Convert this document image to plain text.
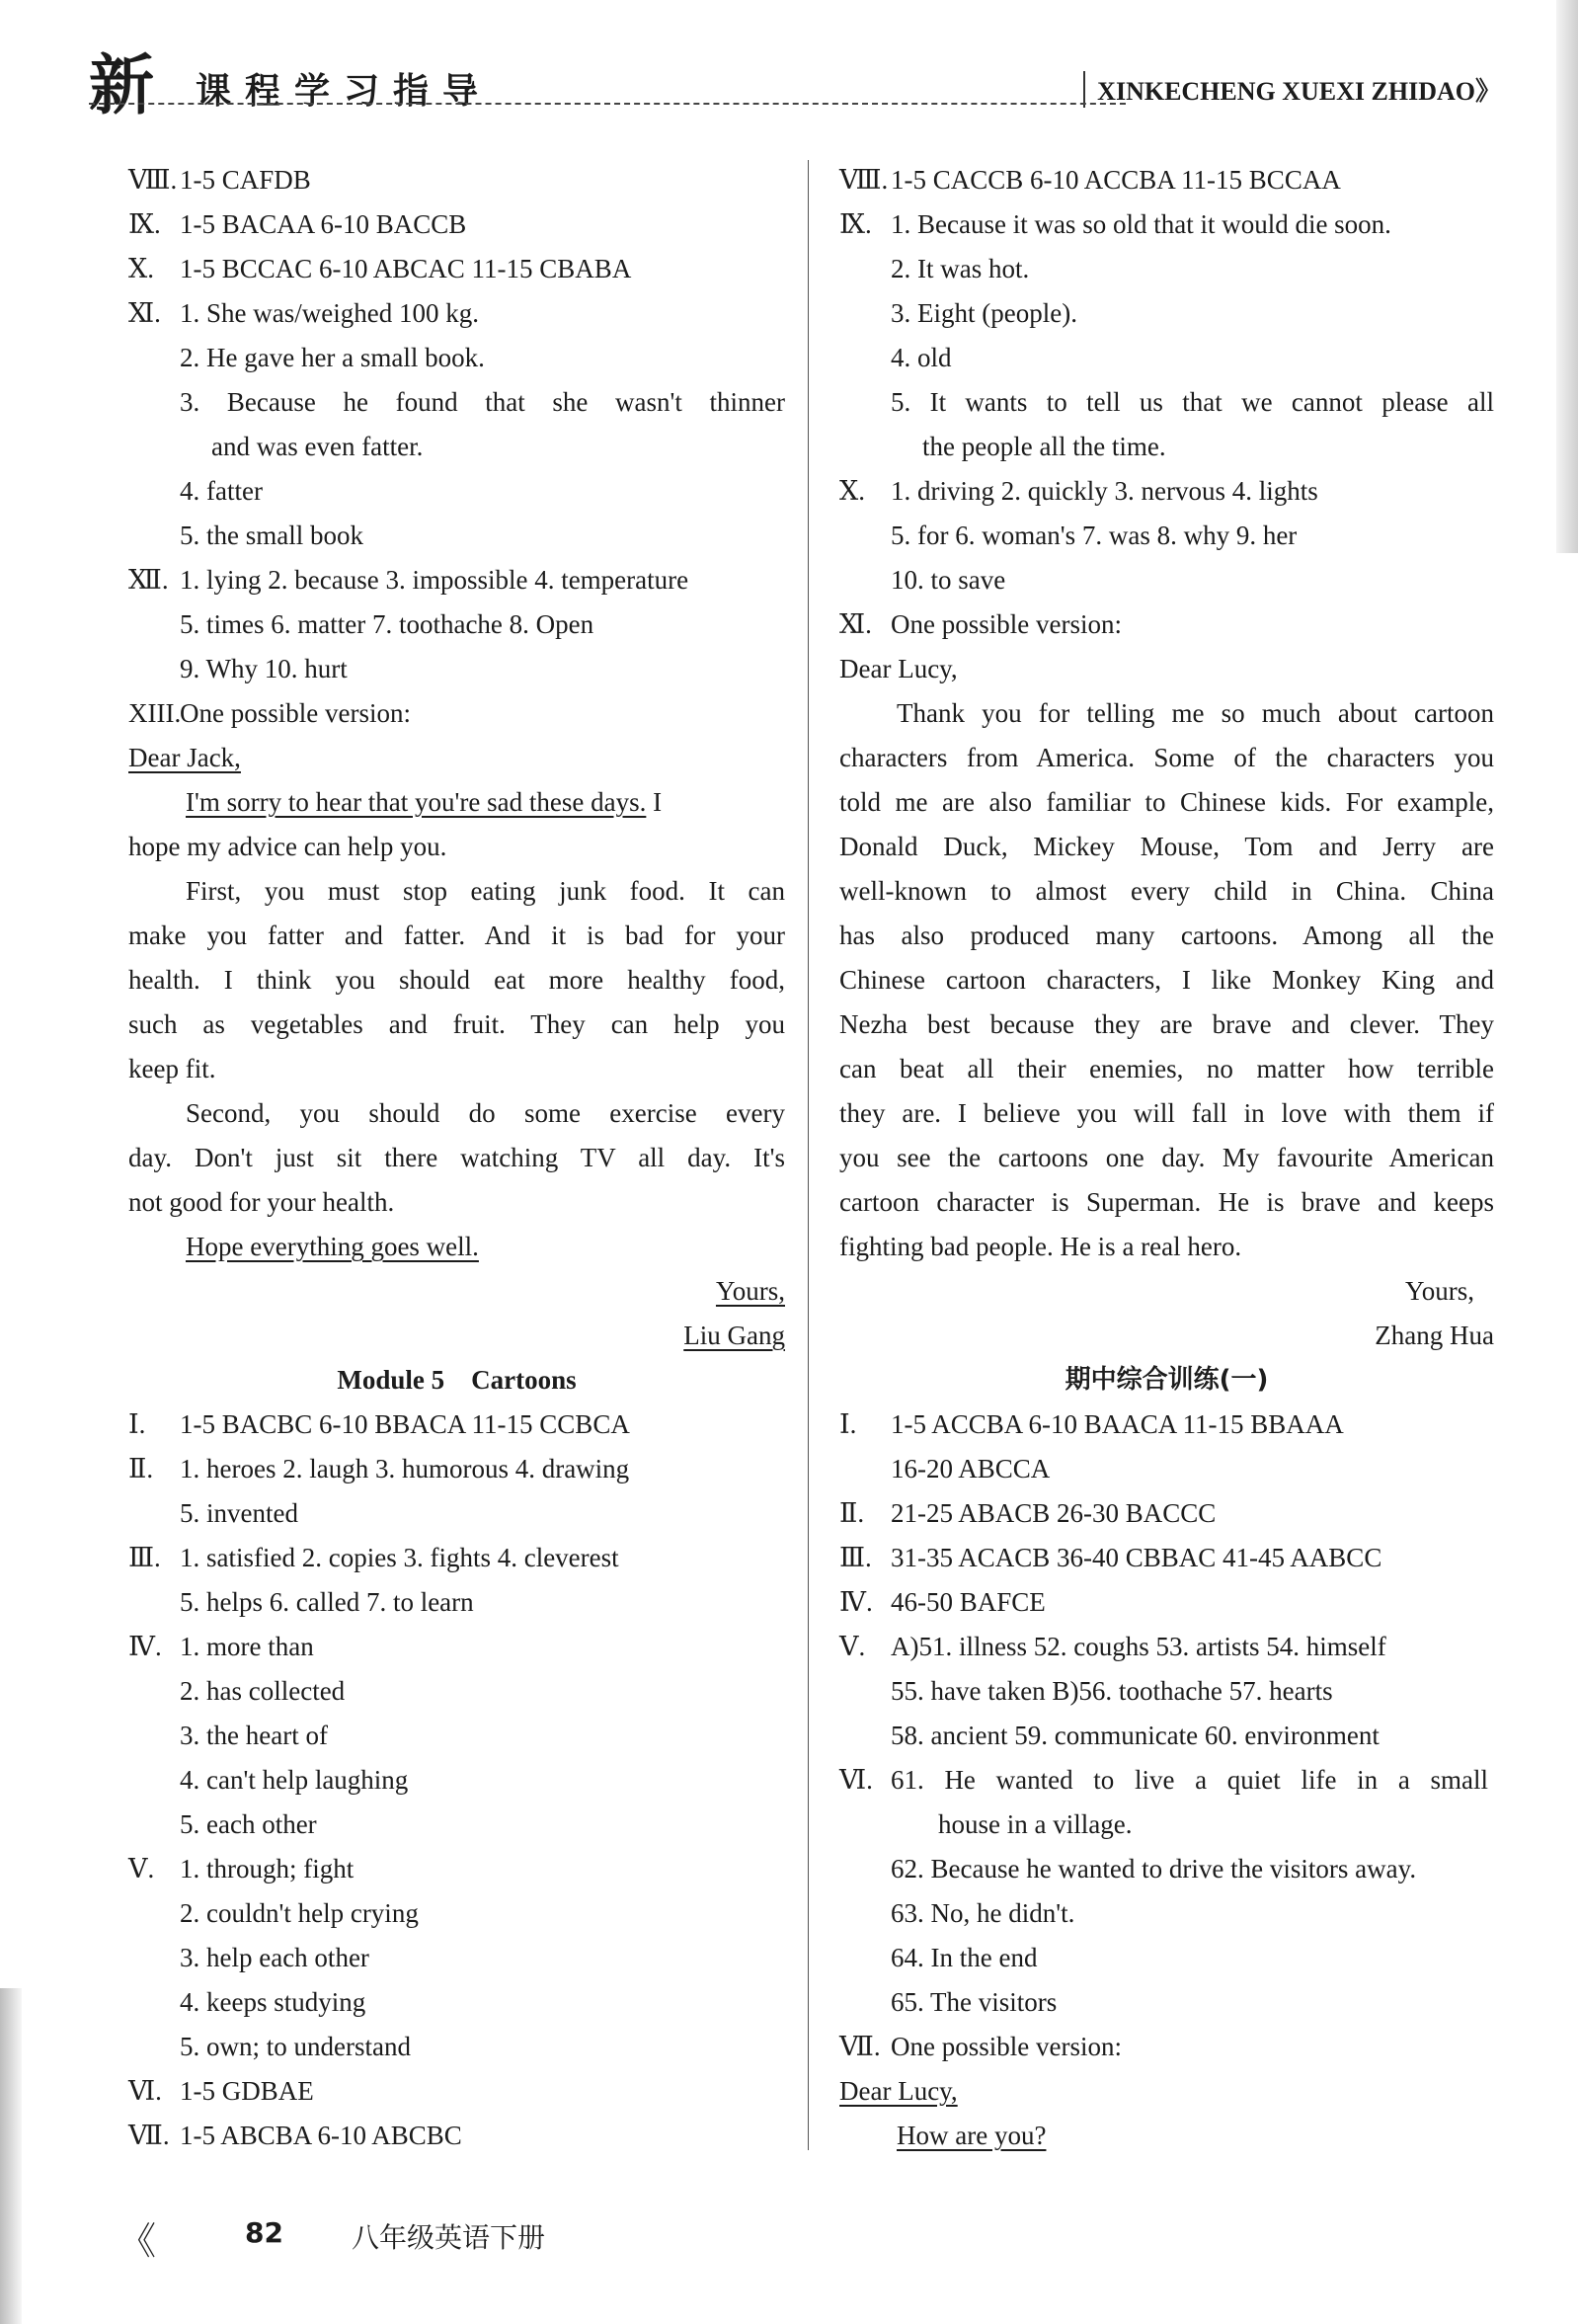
新 课程学习指导	XINKECHENG XUEXI ZHIDAO》
Ⅷ. 1-5 CAFDB
Ⅸ. 1-5 BACAA 6-10 BACCB
Ⅹ. 1-5 BCCAC 6-10 ABCAC 11-15 CBABA
Ⅺ. 1. She was/weighed 100 kg.
2. He gave her a small book.
3. Because he found that she wasn't thinner
and was even fatter.
4. fatter
5. the small book
Ⅻ. 1. lying 2. because 3. impossible 4. temperature
5. times 6. matter 7. toothache 8. Open
9. Why 10. hurt
XIII.
One possible version:
Dear Jack,
I'm sorry to hear that you're sad these days. I
hope my advice can help you.
First, you must stop eating junk food. It can
make you fatter and fatter. And it is bad for your
health. I think you should eat more healthy food,
such as vegetables and fruit. They can help you
keep fit.
Second, you should do some exercise every
day. Don't just sit there watching TV all day. It's
not good for your health.
Hope everything goes well.
Yours,
Liu Gang
Module 5    Cartoons
Ⅰ.	1-5 BACBC 6-10 BBACA 11-15 CCBCA
Ⅱ. 1. heroes 2. laugh 3. humorous 4. drawing
5. invented
Ⅲ. 1. satisfied 2. copies 3. fights 4. cleverest
5. helps 6. called 7. to learn
Ⅳ. 1. more than
2. has collected
3. the heart of
4. can't help laughing
5. each other
Ⅴ. 1. through; fight
2. couldn't help crying
3. help each other
4. keeps studying
5. own; to understand
Ⅵ. 1-5 GDBAE
Ⅶ. 1-5 ABCBA 6-10 ABCBC
Ⅷ. 1-5 CACCB 6-10 ACCBA 11-15 BCCAA
Ⅸ. 1. Because it was so old that it would die soon.
2. It was hot.
3. Eight (people).
4. old
5. It wants to tell us that we cannot please all
the people all the time.
Ⅹ. 1. driving 2. quickly 3. nervous 4. lights
5. for 6. woman's 7. was 8. why 9. her
10. to save
Ⅺ. One possible version:
Dear Lucy,
Thank you for telling me so much about cartoon
characters from America. Some of the characters you
told me are also familiar to Chinese kids. For example,
Donald Duck, Mickey Mouse, Tom and Jerry are
well-known to almost every child in China. China
has also produced many cartoons. Among all the
Chinese cartoon characters, I like Monkey King and
Nezha best because they are brave and clever. They
can beat all their enemies, no matter how terrible
they are. I believe you will fall in love with them if
you see the cartoons one day. My favourite American
cartoon character is Superman. He is brave and keeps
fighting bad people. He is a real hero.
Yours,
Zhang Hua
期中综合训练(一)
Ⅰ.	1-5 ACCBA 6-10 BAACA 11-15 BBAAA
16-20 ABCCA
Ⅱ. 21-25 ABACB 26-30 BACCC
Ⅲ. 31-35 ACACB 36-40 CBBAC 41-45 AABCC
Ⅳ. 46-50 BAFCE
Ⅴ. A)51. illness 52. coughs 53. artists 54. himself
55. have taken B)56. toothache 57. hearts
58. ancient 59. communicate 60. environment
Ⅵ. 61. He wanted to live a quiet life in a small
house in a village.
62. Because he wanted to drive the visitors away.
63. No, he didn't.
64. In the end
65. The visitors
Ⅶ. One possible version:
Dear Lucy,
How are you?
《	82 八年级英语下册
